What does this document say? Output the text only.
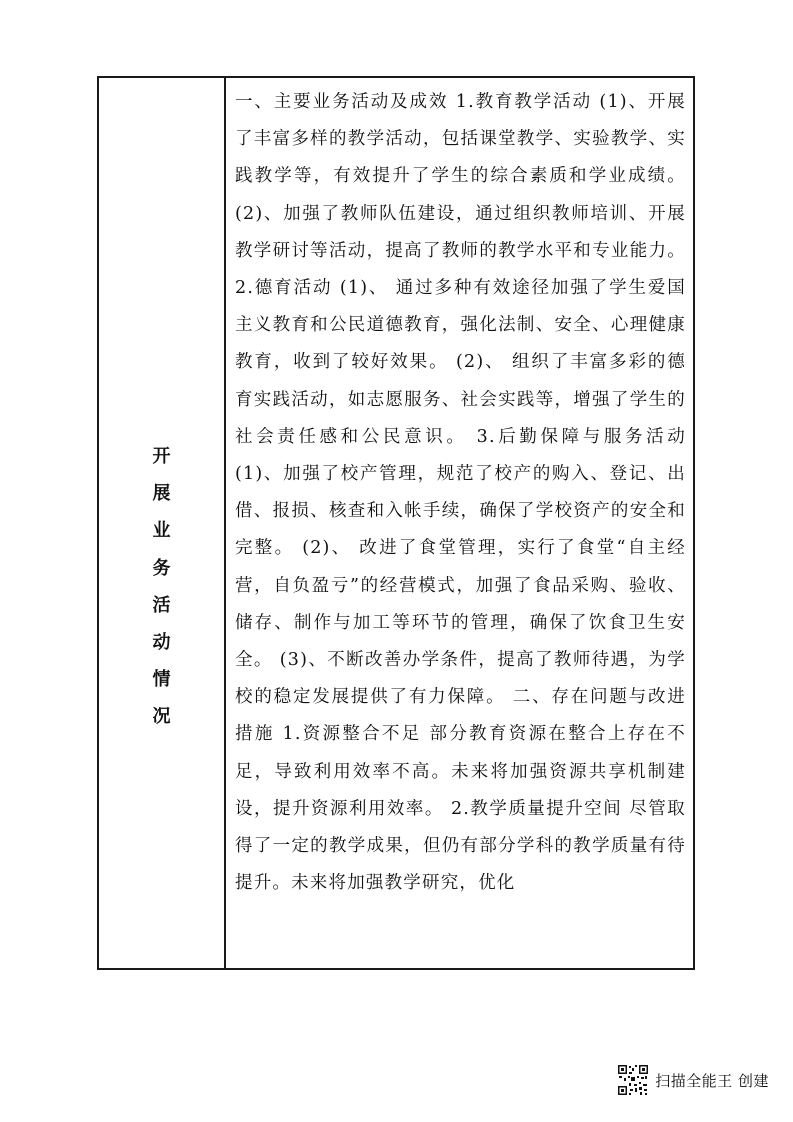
开
展
业
务
活
动
情
况

一、主要业务活动及成效 1.教育教学活动 (1)、开展了丰富多样的教学活动，包括课堂教学、实验教学、实践教学等，有效提升了学生的综合素质和学业成绩。(2)、加强了教师队伍建设，通过组织教师培训、开展教学研讨等活动，提高了教师的教学水平和专业能力。 2.德育活动 (1)、 通过多种有效途径加强了学生爱国主义教育和公民道德教育，强化法制、安全、心理健康教育，收到了较好效果。 (2)、 组织了丰富多彩的德育实践活动，如志愿服务、社会实践等，增强了学生的社会责任感和公民意识。 3.后勤保障与服务活动 (1)、加强了校产管理，规范了校产的购入、登记、出借、报损、核查和入帐手续，确保了学校资产的安全和完整。 (2)、 改进了食堂管理，实行了食堂“自主经营，自负盈亏”的经营模式，加强了食品采购、验收、储存、制作与加工等环节的管理，确保了饮食卫生安全。 (3)、不断改善办学条件，提高了教师待遇，为学校的稳定发展提供了有力保障。 二、存在问题与改进措施 1.资源整合不足 部分教育资源在整合上存在不足，导致利用效率不高。未来将加强资源共享机制建设，提升资源利用效率。 2.教学质量提升空间 尽管取得了一定的教学成果，但仍有部分学科的教学质量有待提升。未来将加强教学研究，优化

扫描全能王 创建
